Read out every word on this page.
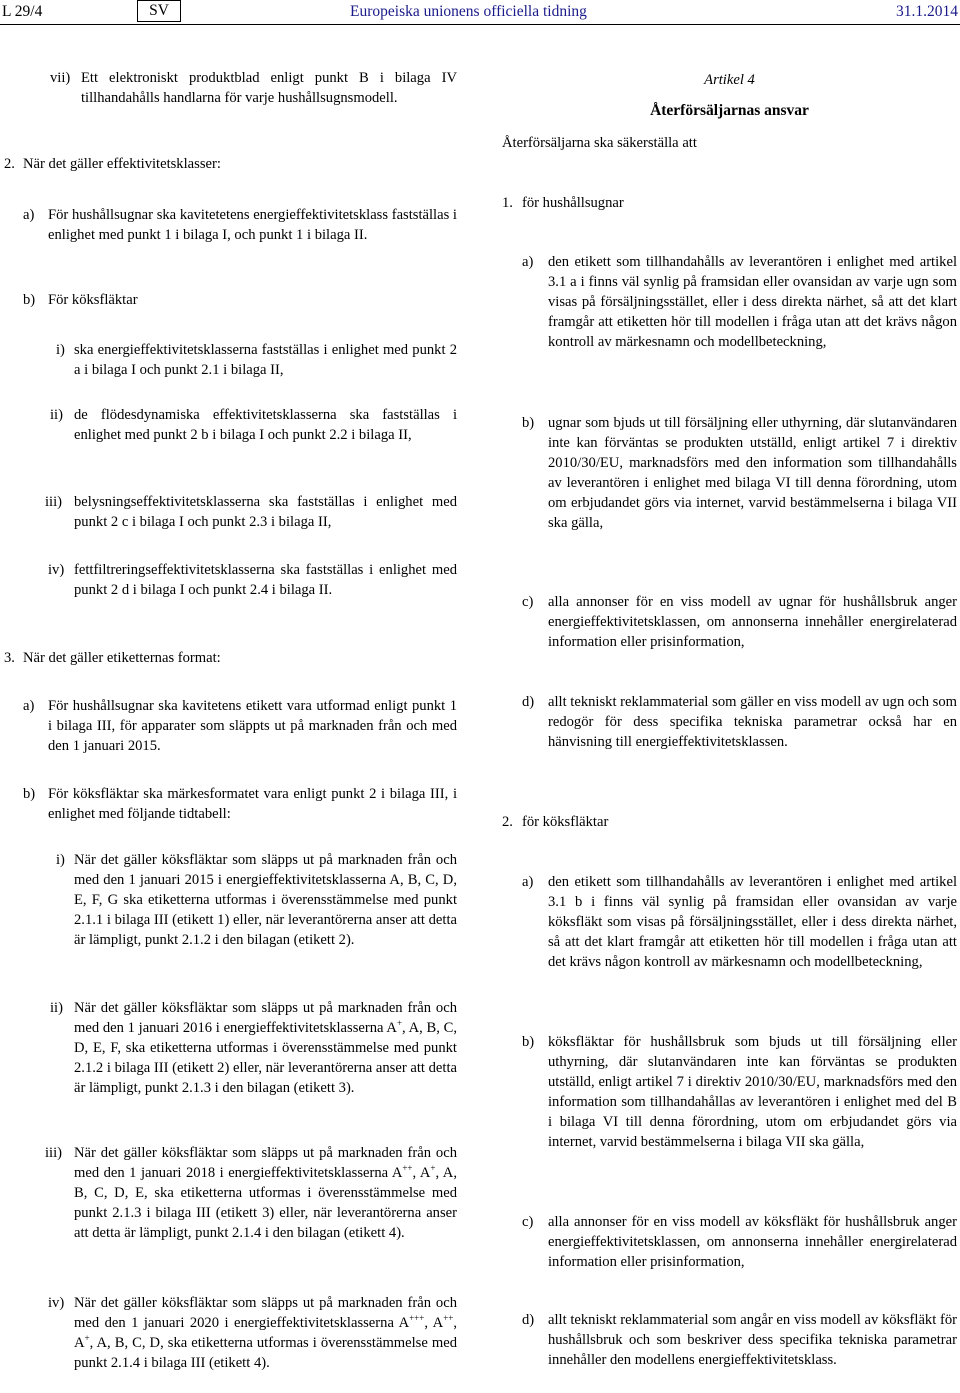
L 29/4	SV	Europeiska unionens officiella tidning	31.1.2014
vii) Ett elektroniskt produktblad enligt punkt B i bilaga IV tillhandahålls handlarna för varje hushållsugnsmodell.
2. När det gäller effektivitetsklasser:
a) För hushållsugnar ska kavitetetens energieffektivitetsklass fastställas i enlighet med punkt 1 i bilaga I, och punkt 1 i bilaga II.
b) För köksfläktar
i) ska energieffektivitetsklasserna fastställas i enlighet med punkt 2 a i bilaga I och punkt 2.1 i bilaga II,
ii) de flödesdynamiska effektivitetsklasserna ska fastställas i enlighet med punkt 2 b i bilaga I och punkt 2.2 i bilaga II,
iii) belysningseffektivitetsklasserna ska fastställas i enlighet med punkt 2 c i bilaga I och punkt 2.3 i bilaga II,
iv) fettfiltreringseffektivitetsklasserna ska fastställas i enlighet med punkt 2 d i bilaga I och punkt 2.4 i bilaga II.
3. När det gäller etiketternas format:
a) För hushållsugnar ska kavitetens etikett vara utformad enligt punkt 1 i bilaga III, för apparater som släppts ut på marknaden från och med den 1 januari 2015.
b) För köksfläktar ska märkesformatet vara enligt punkt 2 i bilaga III, i enlighet med följande tidtabell:
i) När det gäller köksfläktar som släpps ut på marknaden från och med den 1 januari 2015 i energieffektivitetsklasserna A, B, C, D, E, F, G ska etiketterna utformas i överensstämmelse med punkt 2.1.1 i bilaga III (etikett 1) eller, när leverantörerna anser att detta är lämpligt, punkt 2.1.2 i den bilagan (etikett 2).
ii) När det gäller köksfläktar som släpps ut på marknaden från och med den 1 januari 2016 i energieffektivitetsklasserna A+, A, B, C, D, E, F, ska etiketterna utformas i överensstämmelse med punkt 2.1.2 i bilaga III (etikett 2) eller, när leverantörerna anser att detta är lämpligt, punkt 2.1.3 i den bilagan (etikett 3).
iii) När det gäller köksfläktar som släpps ut på marknaden från och med den 1 januari 2018 i energieffektivitetsklasserna A++, A+, A, B, C, D, E, ska etiketterna utformas i överensstämmelse med punkt 2.1.3 i bilaga III (etikett 3) eller, när leverantörerna anser att detta är lämpligt, punkt 2.1.4 i den bilagan (etikett 4).
iv) När det gäller köksfläktar som släpps ut på marknaden från och med den 1 januari 2020 i energieffektivitetsklasserna A+++, A++, A+, A, B, C, D, ska etiketterna utformas i överensstämmelse med punkt 2.1.4 i bilaga III (etikett 4).
Artikel 4
Återförsäljarnas ansvar
Återförsäljarna ska säkerställa att
1. för hushållsugnar
a) den etikett som tillhandahålls av leverantören i enlighet med artikel 3.1 a i finns väl synlig på framsidan eller ovansidan av varje ugn som visas på försäljningsstället, eller i dess direkta närhet, så att det klart framgår att etiketten hör till modellen i fråga utan att det krävs någon kontroll av märkesnamn och modellbeteckning,
b) ugnar som bjuds ut till försäljning eller uthyrning, där slutanvändaren inte kan förväntas se produkten utställd, enligt artikel 7 i direktiv 2010/30/EU, marknadsförs med den information som tillhandahålls av leverantören i enlighet med bilaga VI till denna förordning, utom om erbjudandet görs via internet, varvid bestämmelserna i bilaga VII ska gälla,
c) alla annonser för en viss modell av ugnar för hushållsbruk anger energieffektivitetsklassen, om annonserna innehåller energirelaterad information eller prisinformation,
d) allt tekniskt reklammaterial som gäller en viss modell av ugn och som redogör för dess specifika tekniska parametrar också har en hänvisning till energieffektivitetsklassen.
2. för köksfläktar
a) den etikett som tillhandahålls av leverantören i enlighet med artikel 3.1 b i finns väl synlig på framsidan eller ovansidan av varje köksfläkt som visas på försäljningsstället, eller i dess direkta närhet, så att det klart framgår att etiketten hör till modellen i fråga utan att det krävs någon kontroll av märkesnamn och modellbeteckning,
b) köksfläktar för hushållsbruk som bjuds ut till försäljning eller uthyrning, där slutanvändaren inte kan förväntas se produkten utställd, enligt artikel 7 i direktiv 2010/30/EU, marknadsförs med den information som tillhandahållas av leverantören i enlighet med del B i bilaga VI till denna förordning, utom om erbjudandet görs via internet, varvid bestämmelserna i bilaga VII ska gälla,
c) alla annonser för en viss modell av köksfläkt för hushållsbruk anger energieffektivitetsklassen, om annonserna innehåller energirelaterad information eller prisinformation,
d) allt tekniskt reklammaterial som angår en viss modell av köksfläkt för hushållsbruk och som beskriver dess specifika tekniska parametrar innehåller den modellens energieffektivitetsklass.
